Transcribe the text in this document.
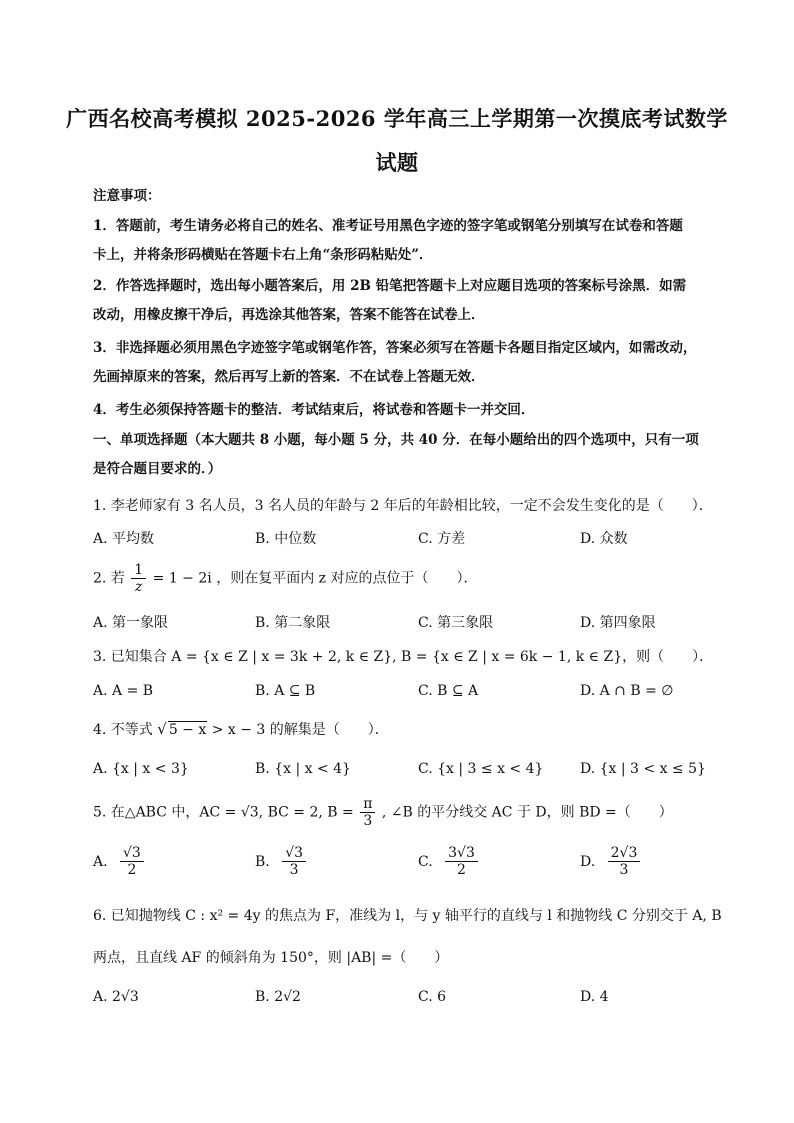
广西名校高考模拟 2025-2026 学年高三上学期第一次摸底考试数学
试题
注意事项：
1．答题前，考生请务必将自己的姓名、准考证号用黑色字迹的签字笔或钢笔分别填写在试卷和答题
卡上，并将条形码横贴在答题卡右上角“条形码粘贴处”．
2．作答选择题时，选出每小题答案后，用 2B 铅笔把答题卡上对应题目选项的答案标号涂黑．如需
改动，用橡皮擦干净后，再选涂其他答案，答案不能答在试卷上．
3．非选择题必须用黑色字迹签字笔或钢笔作答，答案必须写在答题卡各题目指定区域内，如需改动，
先画掉原来的答案，然后再写上新的答案．不在试卷上答题无效．
4．考生必须保持答题卡的整洁．考试结束后，将试卷和答题卡一并交回．
一、单项选择题（本大题共 8 小题，每小题 5 分，共 40 分．在每小题给出的四个选项中，只有一项
是符合题目要求的．）
1. 李老师家有 3 名人员，3 名人员的年龄与 2 年后的年龄相比较，一定不会发生变化的是（　　）．
A. 平均数	B. 中位数	C. 方差	D. 众数
2. 若 $\frac{1}{z} = 1 - 2i$ ，则在复平面内 z 对应的点位于（　　）．
A. 第一象限	B. 第二象限	C. 第三象限	D. 第四象限
3. 已知集合 A = {x ∈ Z | x = 3k + 2, k ∈ Z}, B = {x ∈ Z | x = 6k − 1, k ∈ Z}，则（　　）．
A. A = B	B. A ⊆ B	C. B ⊆ A	D. A ∩ B = ∅
4. 不等式 √ 5 − x > x − 3 的解集是（　　）．
A. {x | x < 3}	B. {x | x < 4}	C. {x | 3 ≤ x < 4}	D. {x | 3 < x ≤ 5}
5. 在△ABC 中，AC = √3, BC = 2, $B = \frac{\pi}{3}$ , ∠B 的平分线交 AC 于 D，则 BD =（　　）
A. $\frac{√3}{2}$	B. $\frac{√3}{3}$	C. $\frac{3√3}{2}$	D. $\frac{2√3}{3}$
6. 已知抛物线 C : x² = 4y 的焦点为 F，准线为 l，与 y 轴平行的直线与 l 和抛物线 C 分别交于 A, B
两点，且直线 AF 的倾斜角为 150°，则 |AB| =（　　）
A. 2√3	B. 2√2	C. 6	D. 4
